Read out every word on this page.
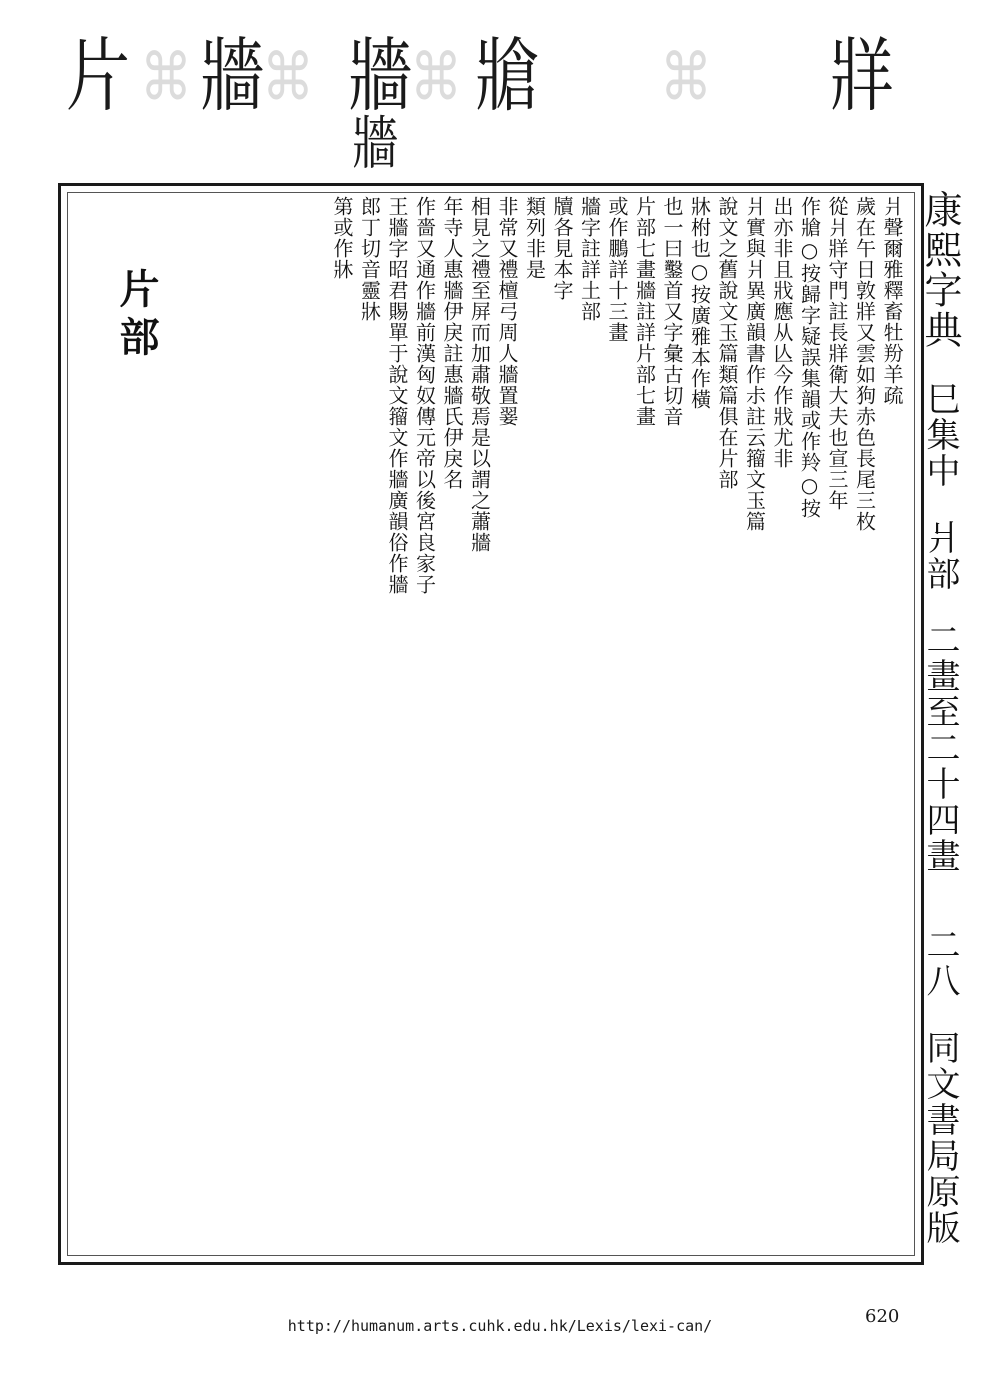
片 ⌘ 牆
⌘ 牆
牆
⌘ 牄 ⌘ 牂
康熙字典 巳集中 爿部 二畫至二十四畫 二八 同文書局原版
爿聲爾雅釋畜牡羒羊疏
歲在午日敦牂又雲如狗赤色長尾三枚
從爿牂守門註長牂衛大夫也宣三年
作牄○按歸字疑誤集韻或作羚○按
出亦非且戕應从亾今作戕尤非
爿實與爿異廣韻書作尗註云籀文玉篇
說文之舊說文玉篇類篇俱在片部
牀柎也○按廣雅本作橫
也一曰鑿首又字彙古切音
片部七畫牆註詳片部七畫
或作鵬詳十三畫
牆字註詳土部
牘各見本字
類列非是
非常又禮檀弓周人牆置翣
相見之禮至屏而加肅敬焉是以謂之蕭牆
年寺人惠牆伊戾註惠牆氏伊戾名
作嗇又通作牆前漢匈奴傳元帝以後宮良家子
王牆字昭君賜單于說文籀文作牆廣韻俗作牆
郎丁切音靈牀
第或作牀
片部
http://humanum.arts.cuhk.edu.hk/Lexis/lexi-can/	620
